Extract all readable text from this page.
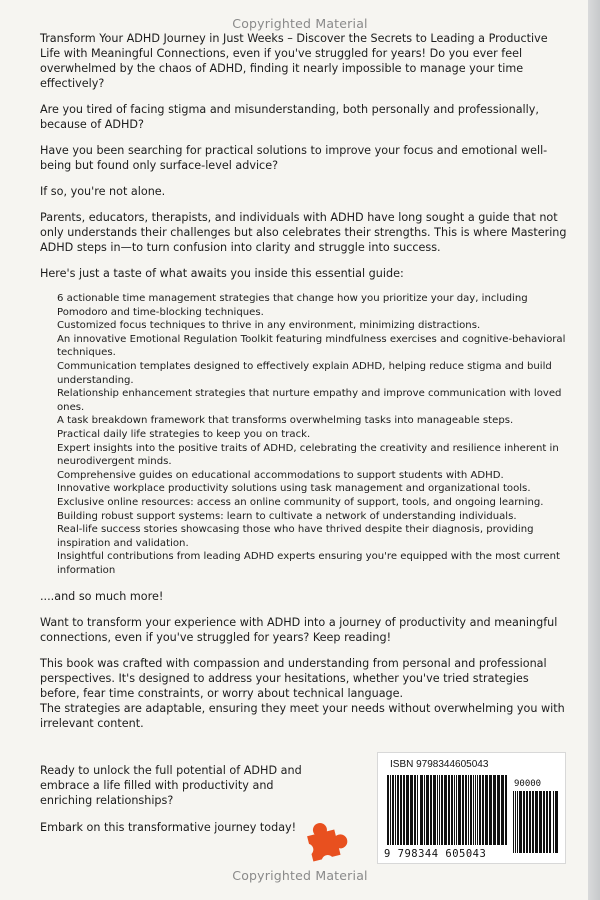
Copyrighted Material

Transform Your ADHD Journey in Just Weeks – Discover the Secrets to Leading a Productive Life with Meaningful Connections, even if you've struggled for years! Do you ever feel overwhelmed by the chaos of ADHD, finding it nearly impossible to manage your time effectively?

Are you tired of facing stigma and misunderstanding, both personally and professionally, because of ADHD?

Have you been searching for practical solutions to improve your focus and emotional well-being but found only surface-level advice?

If so, you're not alone.

Parents, educators, therapists, and individuals with ADHD have long sought a guide that not only understands their challenges but also celebrates their strengths. This is where Mastering ADHD steps in—to turn confusion into clarity and struggle into success.

Here's just a taste of what awaits you inside this essential guide:

6 actionable time management strategies that change how you prioritize your day, including Pomodoro and time-blocking techniques.
Customized focus techniques to thrive in any environment, minimizing distractions.
An innovative Emotional Regulation Toolkit featuring mindfulness exercises and cognitive-behavioral techniques.
Communication templates designed to effectively explain ADHD, helping reduce stigma and build understanding.
Relationship enhancement strategies that nurture empathy and improve communication with loved ones.
A task breakdown framework that transforms overwhelming tasks into manageable steps.
Practical daily life strategies to keep you on track.
Expert insights into the positive traits of ADHD, celebrating the creativity and resilience inherent in neurodivergent minds.
Comprehensive guides on educational accommodations to support students with ADHD.
Innovative workplace productivity solutions using task management and organizational tools.
Exclusive online resources: access an online community of support, tools, and ongoing learning.
Building robust support systems: learn to cultivate a network of understanding individuals.
Real-life success stories showcasing those who have thrived despite their diagnosis, providing inspiration and validation.
Insightful contributions from leading ADHD experts ensuring you're equipped with the most current information

....and so much more!

Want to transform your experience with ADHD into a journey of productivity and meaningful connections, even if you've struggled for years? Keep reading!

This book was crafted with compassion and understanding from personal and professional perspectives. It's designed to address your hesitations, whether you've tried strategies before, fear time constraints, or worry about technical language.
The strategies are adaptable, ensuring they meet your needs without overwhelming you with irrelevant content.

Ready to unlock the full potential of ADHD and embrace a life filled with productivity and enriching relationships?

Embark on this transformative journey today!

ISBN 9798344605043
90000
9 798344 605043
Copyrighted Material
